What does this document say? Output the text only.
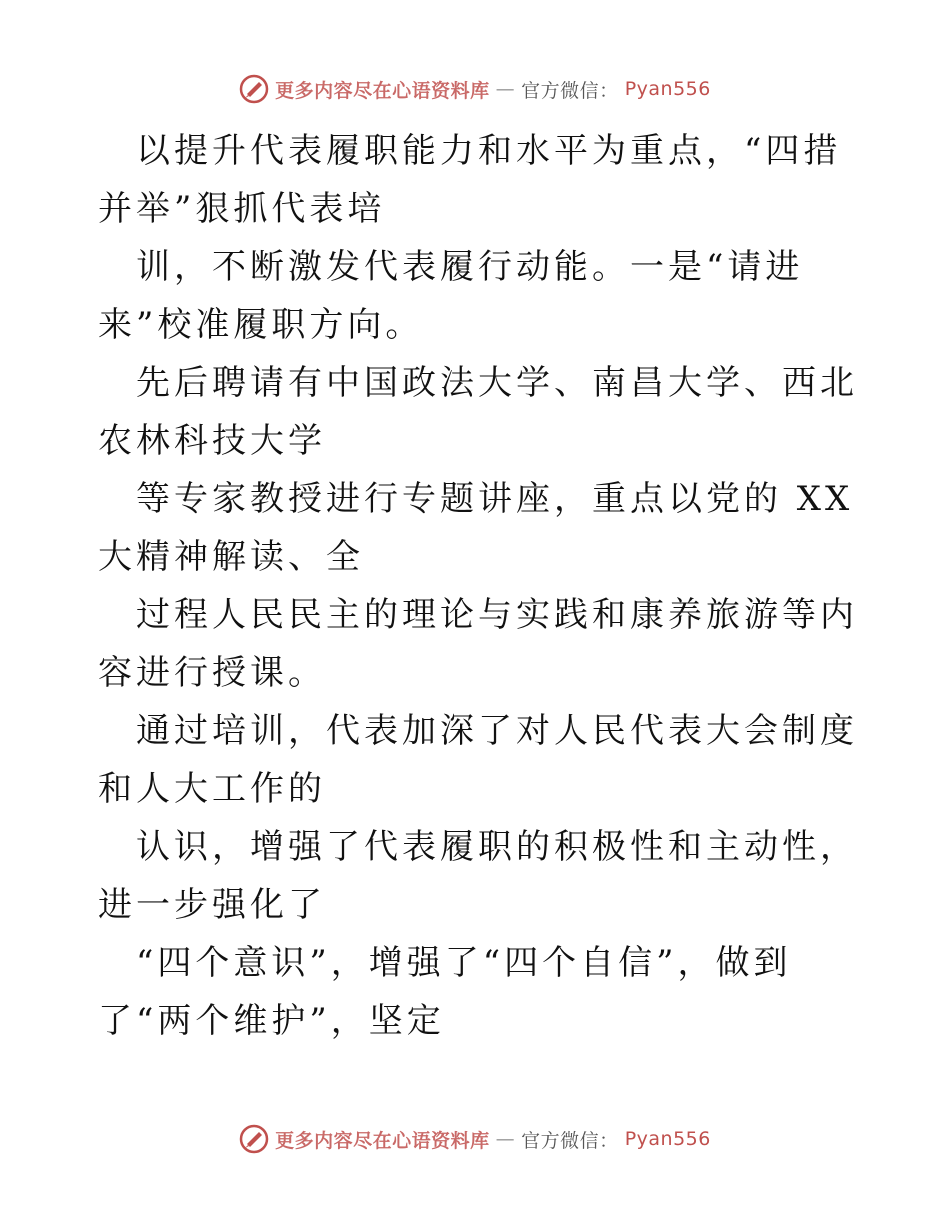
更多内容尽在心语资料库 — 官方微信： Pyan556

以提升代表履职能力和水平为重点，“四措并举”狠抓代表培

训，不断激发代表履行动能。一是“请进来”校准履职方向。

先后聘请有中国政法大学、南昌大学、西北农林科技大学

等专家教授进行专题讲座，重点以党的 XX 大精神解读、全

过程人民民主的理论与实践和康养旅游等内容进行授课。

通过培训，代表加深了对人民代表大会制度和人大工作的

认识，增强了代表履职的积极性和主动性，进一步强化了

“四个意识”，增强了“四个自信”，做到了“两个维护”，坚定

更多内容尽在心语资料库 — 官方微信： Pyan556
